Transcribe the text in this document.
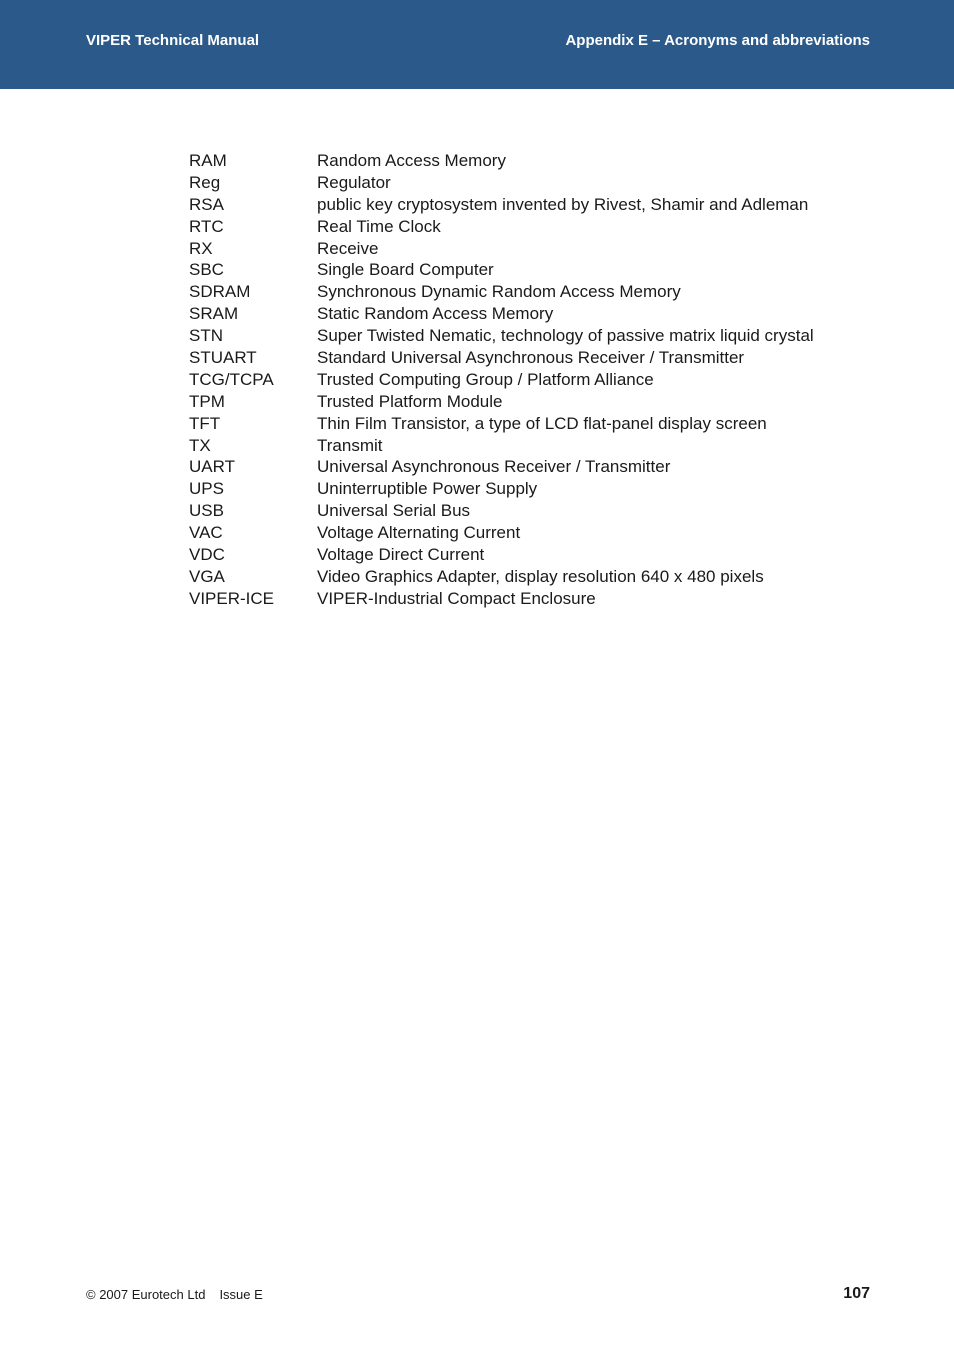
VIPER Technical Manual	Appendix E – Acronyms and abbreviations
RAM	Random Access Memory
Reg	Regulator
RSA	public key cryptosystem invented by Rivest, Shamir and Adleman
RTC	Real Time Clock
RX	Receive
SBC	Single Board Computer
SDRAM	Synchronous Dynamic Random Access Memory
SRAM	Static Random Access Memory
STN	Super Twisted Nematic, technology of passive matrix liquid crystal
STUART	Standard Universal Asynchronous Receiver / Transmitter
TCG/TCPA	Trusted Computing Group / Platform Alliance
TPM	Trusted Platform Module
TFT	Thin Film Transistor, a type of LCD flat-panel display screen
TX	Transmit
UART	Universal Asynchronous Receiver / Transmitter
UPS	Uninterruptible Power Supply
USB	Universal Serial Bus
VAC	Voltage Alternating Current
VDC	Voltage Direct Current
VGA	Video Graphics Adapter, display resolution 640 x 480 pixels
VIPER-ICE	VIPER-Industrial Compact Enclosure
© 2007 Eurotech Ltd Issue E	107
